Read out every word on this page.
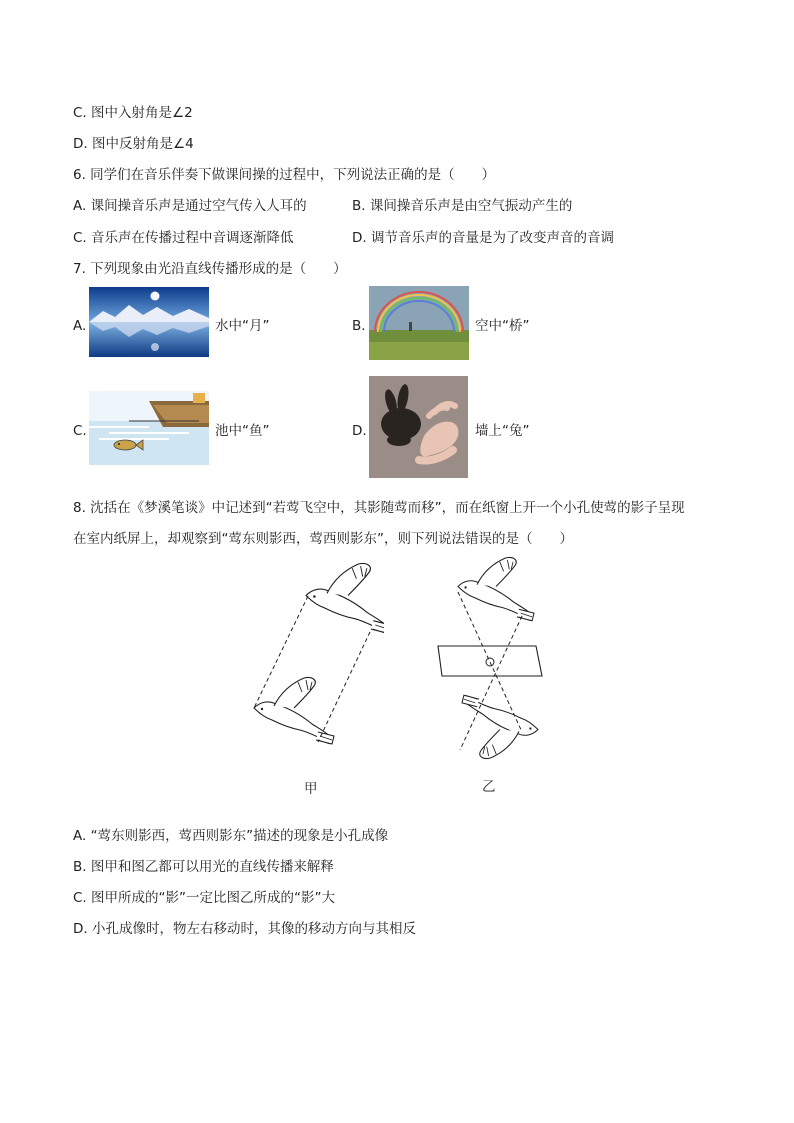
C. 图中入射角是∠2
D. 图中反射角是∠4
6. 同学们在音乐伴奏下做课间操的过程中，下列说法正确的是（　　）
A. 课间操音乐声是通过空气传入人耳的	B. 课间操音乐声是由空气振动产生的
C. 音乐声在传播过程中音调逐渐降低	D. 调节音乐声的音量是为了改变声音的音调
7. 下列现象由光沿直线传播形成的是（　　）
A.	水中“月”	B.	空中“桥”
C.	池中“鱼”	D.	墙上“兔”
8. 沈括在《梦溪笔谈》中记述到“若莺飞空中，其影随莺而移”，而在纸窗上开一个小孔使莺的影子呈现
在室内纸屏上，却观察到“莺东则影西，莺西则影东”，则下列说法错误的是（　　）
甲	乙
A. “莺东则影西，莺西则影东”描述的现象是小孔成像
B. 图甲和图乙都可以用光的直线传播来解释
C. 图甲所成的“影”一定比图乙所成的“影”大
D. 小孔成像时，物左右移动时，其像的移动方向与其相反
